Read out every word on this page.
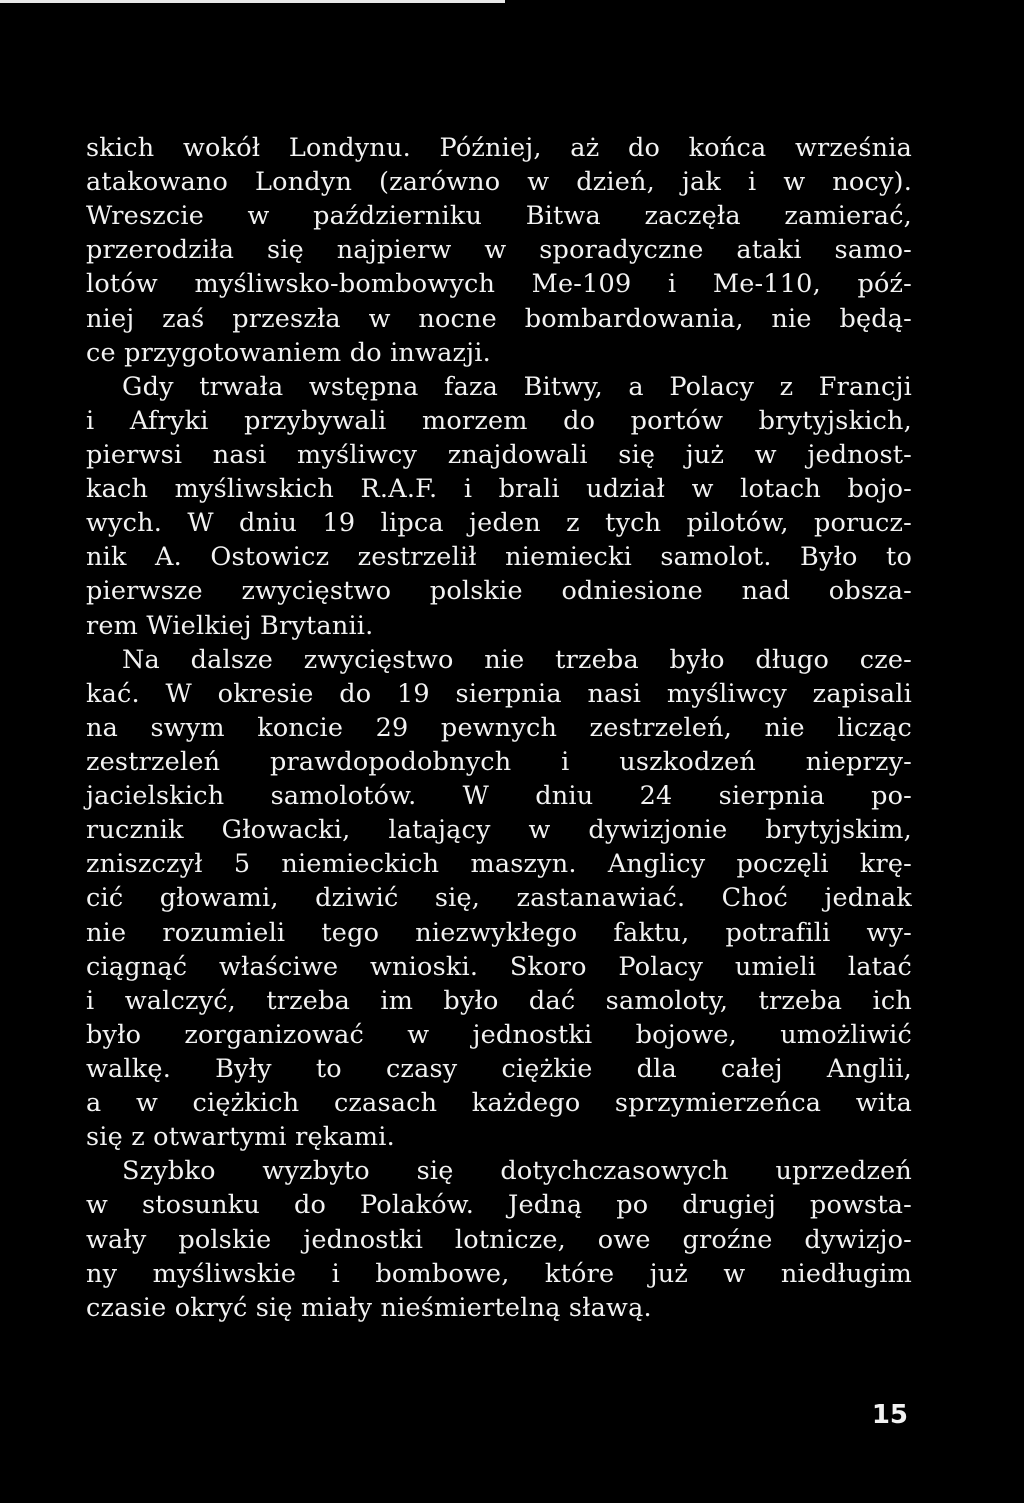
skich wokół Londynu. Później, aż do końca września
atakowano Londyn (zarówno w dzień, jak i w nocy).
Wreszcie w październiku Bitwa zaczęła zamierać,
przerodziła się najpierw w sporadyczne ataki samo-
lotów myśliwsko-bombowych Me-109 i Me-110, póź-
niej zaś przeszła w nocne bombardowania, nie będą-
ce przygotowaniem do inwazji.
Gdy trwała wstępna faza Bitwy, a Polacy z Francji
i Afryki przybywali morzem do portów brytyjskich,
pierwsi nasi myśliwcy znajdowali się już w jednost-
kach myśliwskich R.A.F. i brali udział w lotach bojo-
wych. W dniu 19 lipca jeden z tych pilotów, porucz-
nik A. Ostowicz zestrzelił niemiecki samolot. Było to
pierwsze zwycięstwo polskie odniesione nad obsza-
rem Wielkiej Brytanii.
Na dalsze zwycięstwo nie trzeba było długo cze-
kać. W okresie do 19 sierpnia nasi myśliwcy zapisali
na swym koncie 29 pewnych zestrzeleń, nie licząc
zestrzeleń prawdopodobnych i uszkodzeń nieprzy-
jacielskich samolotów. W dniu 24 sierpnia po-
rucznik Głowacki, latający w dywizjonie brytyjskim,
zniszczył 5 niemieckich maszyn. Anglicy poczęli krę-
cić głowami, dziwić się, zastanawiać. Choć jednak
nie rozumieli tego niezwykłego faktu, potrafili wy-
ciągnąć właściwe wnioski. Skoro Polacy umieli latać
i walczyć, trzeba im było dać samoloty, trzeba ich
było zorganizować w jednostki bojowe, umożliwić
walkę. Były to czasy ciężkie dla całej Anglii,
a w ciężkich czasach każdego sprzymierzeńca wita
się z otwartymi rękami.
Szybko wyzbyto się dotychczasowych uprzedzeń
w stosunku do Polaków. Jedną po drugiej powsta-
wały polskie jednostki lotnicze, owe groźne dywizjo-
ny myśliwskie i bombowe, które już w niedługim
czasie okryć się miały nieśmiertelną sławą.
15
